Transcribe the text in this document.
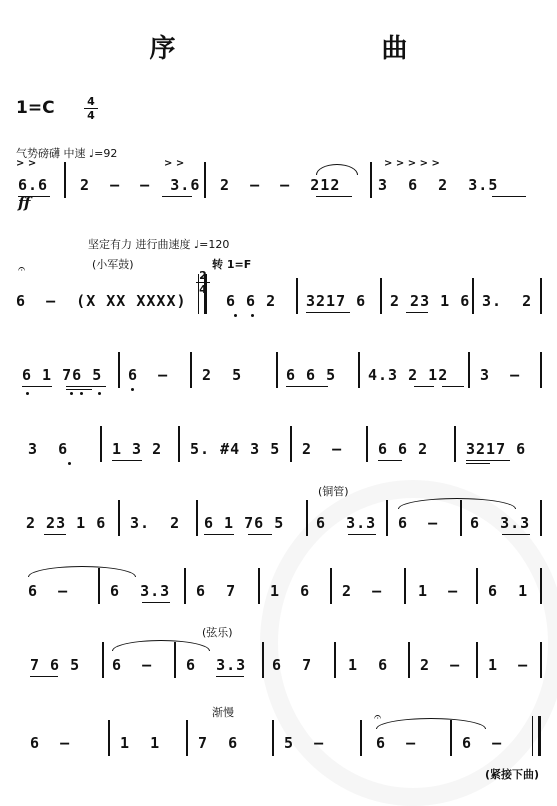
序　曲
1=C	4
4
气势磅礴 中速 ♩=92
ff
坚定有力 进行曲速度 ♩=120
(小军鼓)	转 1=F
2
4
(铜管)
(弦乐)
渐慢
(紧接下曲)
> >
6.6
> >
2  –  –  3.6 2  –  –  212
> > > > >
3  6  2  3.5
𝄐
6  –  (X XX XXXX)	6 6 2	3217 6	2 23 1 6 3.  2
6 1 76 5	6  –	2  5	6 6 5	4.3 2 12	3  –
3  6	1 3 2	5. #4 3 5	2  –	6 6 2	3217 6
2 23 1 6	3.  2	6 1 76 5	6  3.3	6  –	6  3.3
6  –	6  3.3	6  7	1  6	2  –	1  –	6  1
7 6 5	6  –	6  3.3	6  7	1  6	2  –	1  –
6  –	1  1	7  6	5  –
𝄐
6  –	6  –
